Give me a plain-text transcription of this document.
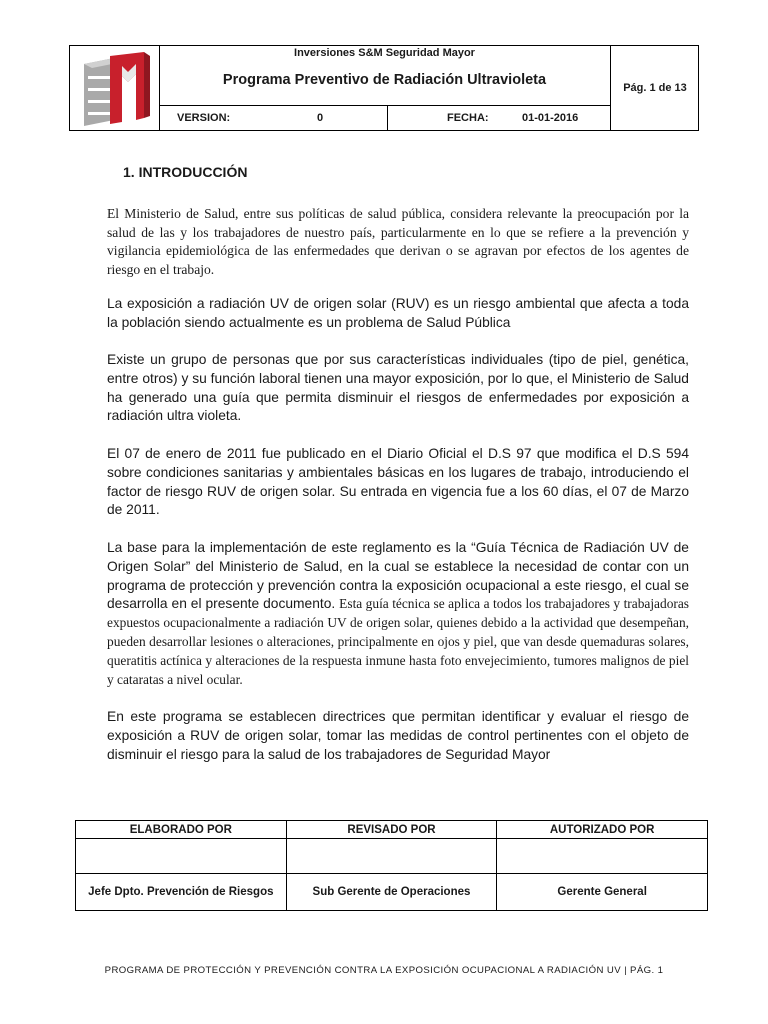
Inversiones S&M Seguridad Mayor
Programa Preventivo de Radiación Ultravioleta
VERSION:	0	FECHA:	01-01-2016
Pág. 1 de 13
1. INTRODUCCIÓN

El Ministerio de Salud, entre sus políticas de salud pública, considera relevante la preocupación por la salud de las y los trabajadores de nuestro país, particularmente en lo que se refiere a la prevención y vigilancia epidemiológica de las enfermedades que derivan o se agravan por efectos de los agentes de riesgo en el trabajo.

La exposición a radiación UV de origen solar (RUV) es un riesgo ambiental que afecta a toda la población siendo actualmente es un problema de Salud Pública

Existe un grupo de personas que por sus características individuales (tipo de piel, genética, entre otros) y su función laboral tienen una mayor exposición, por lo que, el Ministerio de Salud ha generado una guía que permita disminuir el riesgos de enfermedades por exposición a radiación ultra violeta.

El 07 de enero de 2011 fue publicado en el Diario Oficial el D.S 97 que modifica el D.S 594 sobre condiciones sanitarias y ambientales básicas en los lugares de trabajo, introduciendo el factor de riesgo RUV de origen solar. Su entrada en vigencia fue a los 60 días, el 07 de Marzo de 2011.

La base para la implementación de este reglamento es la “Guía Técnica de Radiación UV de Origen Solar” del Ministerio de Salud, en la cual se establece la necesidad de contar con un programa de protección y prevención contra la exposición ocupacional a este riesgo, el cual se desarrolla en el presente documento. Esta guía técnica se aplica a todos los trabajadores y trabajadoras expuestos ocupacionalmente a radiación UV de origen solar, quienes debido a la actividad que desempeñan, pueden desarrollar lesiones o alteraciones, principalmente en ojos y piel, que van desde quemaduras solares, queratitis actínica y alteraciones de la respuesta inmune hasta foto envejecimiento, tumores malignos de piel y cataratas a nivel ocular.

En este programa se establecen directrices que permitan identificar y evaluar el riesgo de exposición a RUV de origen solar, tomar las medidas de control pertinentes con el objeto de disminuir el riesgo para la salud de los trabajadores de Seguridad Mayor

ELABORADO POR	REVISADO POR	AUTORIZADO POR

Jefe Dpto. Prevención de Riesgos	Sub Gerente de Operaciones	Gerente General
PROGRAMA DE PROTECCIÓN Y PREVENCIÓN CONTRA LA EXPOSICIÓN OCUPACIONAL A RADIACIÓN UV | PÁG. 1
